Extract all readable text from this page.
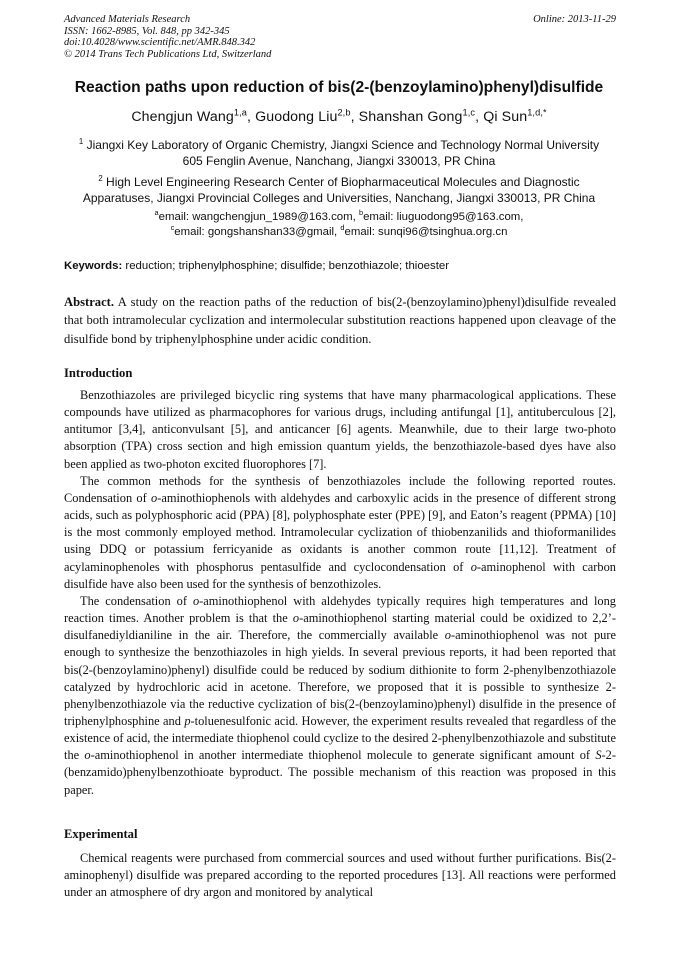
Advanced Materials Research
ISSN: 1662-8985, Vol. 848, pp 342-345
doi:10.4028/www.scientific.net/AMR.848.342
© 2014 Trans Tech Publications Ltd, Switzerland
Online: 2013-11-29
Reaction paths upon reduction of bis(2-(benzoylamino)phenyl)disulfide
Chengjun Wang$^{1,a}$, Guodong Liu$^{2,b}$, Shanshan Gong$^{1,c}$, Qi Sun$^{1,d,*}$
$^1$ Jiangxi Key Laboratory of Organic Chemistry, Jiangxi Science and Technology Normal University
605 Fenglin Avenue, Nanchang, Jiangxi 330013, PR China
$^2$ High Level Engineering Research Center of Biopharmaceutical Molecules and Diagnostic
Apparatuses, Jiangxi Provincial Colleges and Universities, Nanchang, Jiangxi 330013, PR China
$^a$email: wangchengjun_1989@163.com, $^b$email: liuguodong95@163.com,
$^c$email: gongshanshan33@gmail, $^d$email: sunqi96@tsinghua.org.cn
Keywords: reduction; triphenylphosphine; disulfide; benzothiazole; thioester
Abstract. A study on the reaction paths of the reduction of bis(2-(benzoylamino)phenyl)disulfide revealed that both intramolecular cyclization and intermolecular substitution reactions happened upon cleavage of the disulfide bond by triphenylphosphine under acidic condition.
Introduction

Benzothiazoles are privileged bicyclic ring systems that have many pharmacological applications. These compounds have utilized as pharmacophores for various drugs, including antifungal [1], antituberculous [2], antitumor [3,4], anticonvulsant [5], and anticancer [6] agents. Meanwhile, due to their large two-photo absorption (TPA) cross section and high emission quantum yields, the benzothiazole-based dyes have also been applied as two-photon excited fluorophores [7].

The common methods for the synthesis of benzothiazoles include the following reported routes. Condensation of o-aminothiophenols with aldehydes and carboxylic acids in the presence of different strong acids, such as polyphosphoric acid (PPA) [8], polyphosphate ester (PPE) [9], and Eaton’s reagent (PPMA) [10] is the most commonly employed method. Intramolecular cyclization of thiobenzanilids and thioformanilides using DDQ or potassium ferricyanide as oxidants is another common route [11,12]. Treatment of acylaminophenoles with phosphorus pentasulfide and cyclocondensation of o-aminophenol with carbon disulfide have also been used for the synthesis of benzothizoles.

The condensation of o-aminothiophenol with aldehydes typically requires high temperatures and long reaction times. Another problem is that the o-aminothiophenol starting material could be oxidized to 2,2’-disulfanediyldianiline in the air. Therefore, the commercially available o-aminothiophenol was not pure enough to synthesize the benzothiazoles in high yields. In several previous reports, it had been reported that bis(2-(benzoylamino)phenyl) disulfide could be reduced by sodium dithionite to form 2-phenylbenzothiazole catalyzed by hydrochloric acid in acetone. Therefore, we proposed that it is possible to synthesize 2-phenylbenzothiazole via the reductive cyclization of bis(2-(benzoylamino)phenyl) disulfide in the presence of triphenylphosphine and p-toluenesulfonic acid. However, the experiment results revealed that regardless of the existence of acid, the intermediate thiophenol could cyclize to the desired 2-phenylbenzothiazole and substitute the o-aminothiophenol in another intermediate thiophenol molecule to generate significant amount of S-2-(benzamido)phenylbenzothioate byproduct. The possible mechanism of this reaction was proposed in this paper.

Experimental

Chemical reagents were purchased from commercial sources and used without further purifications. Bis(2-aminophenyl) disulfide was prepared according to the reported procedures [13]. All reactions were performed under an atmosphere of dry argon and monitored by analytical
